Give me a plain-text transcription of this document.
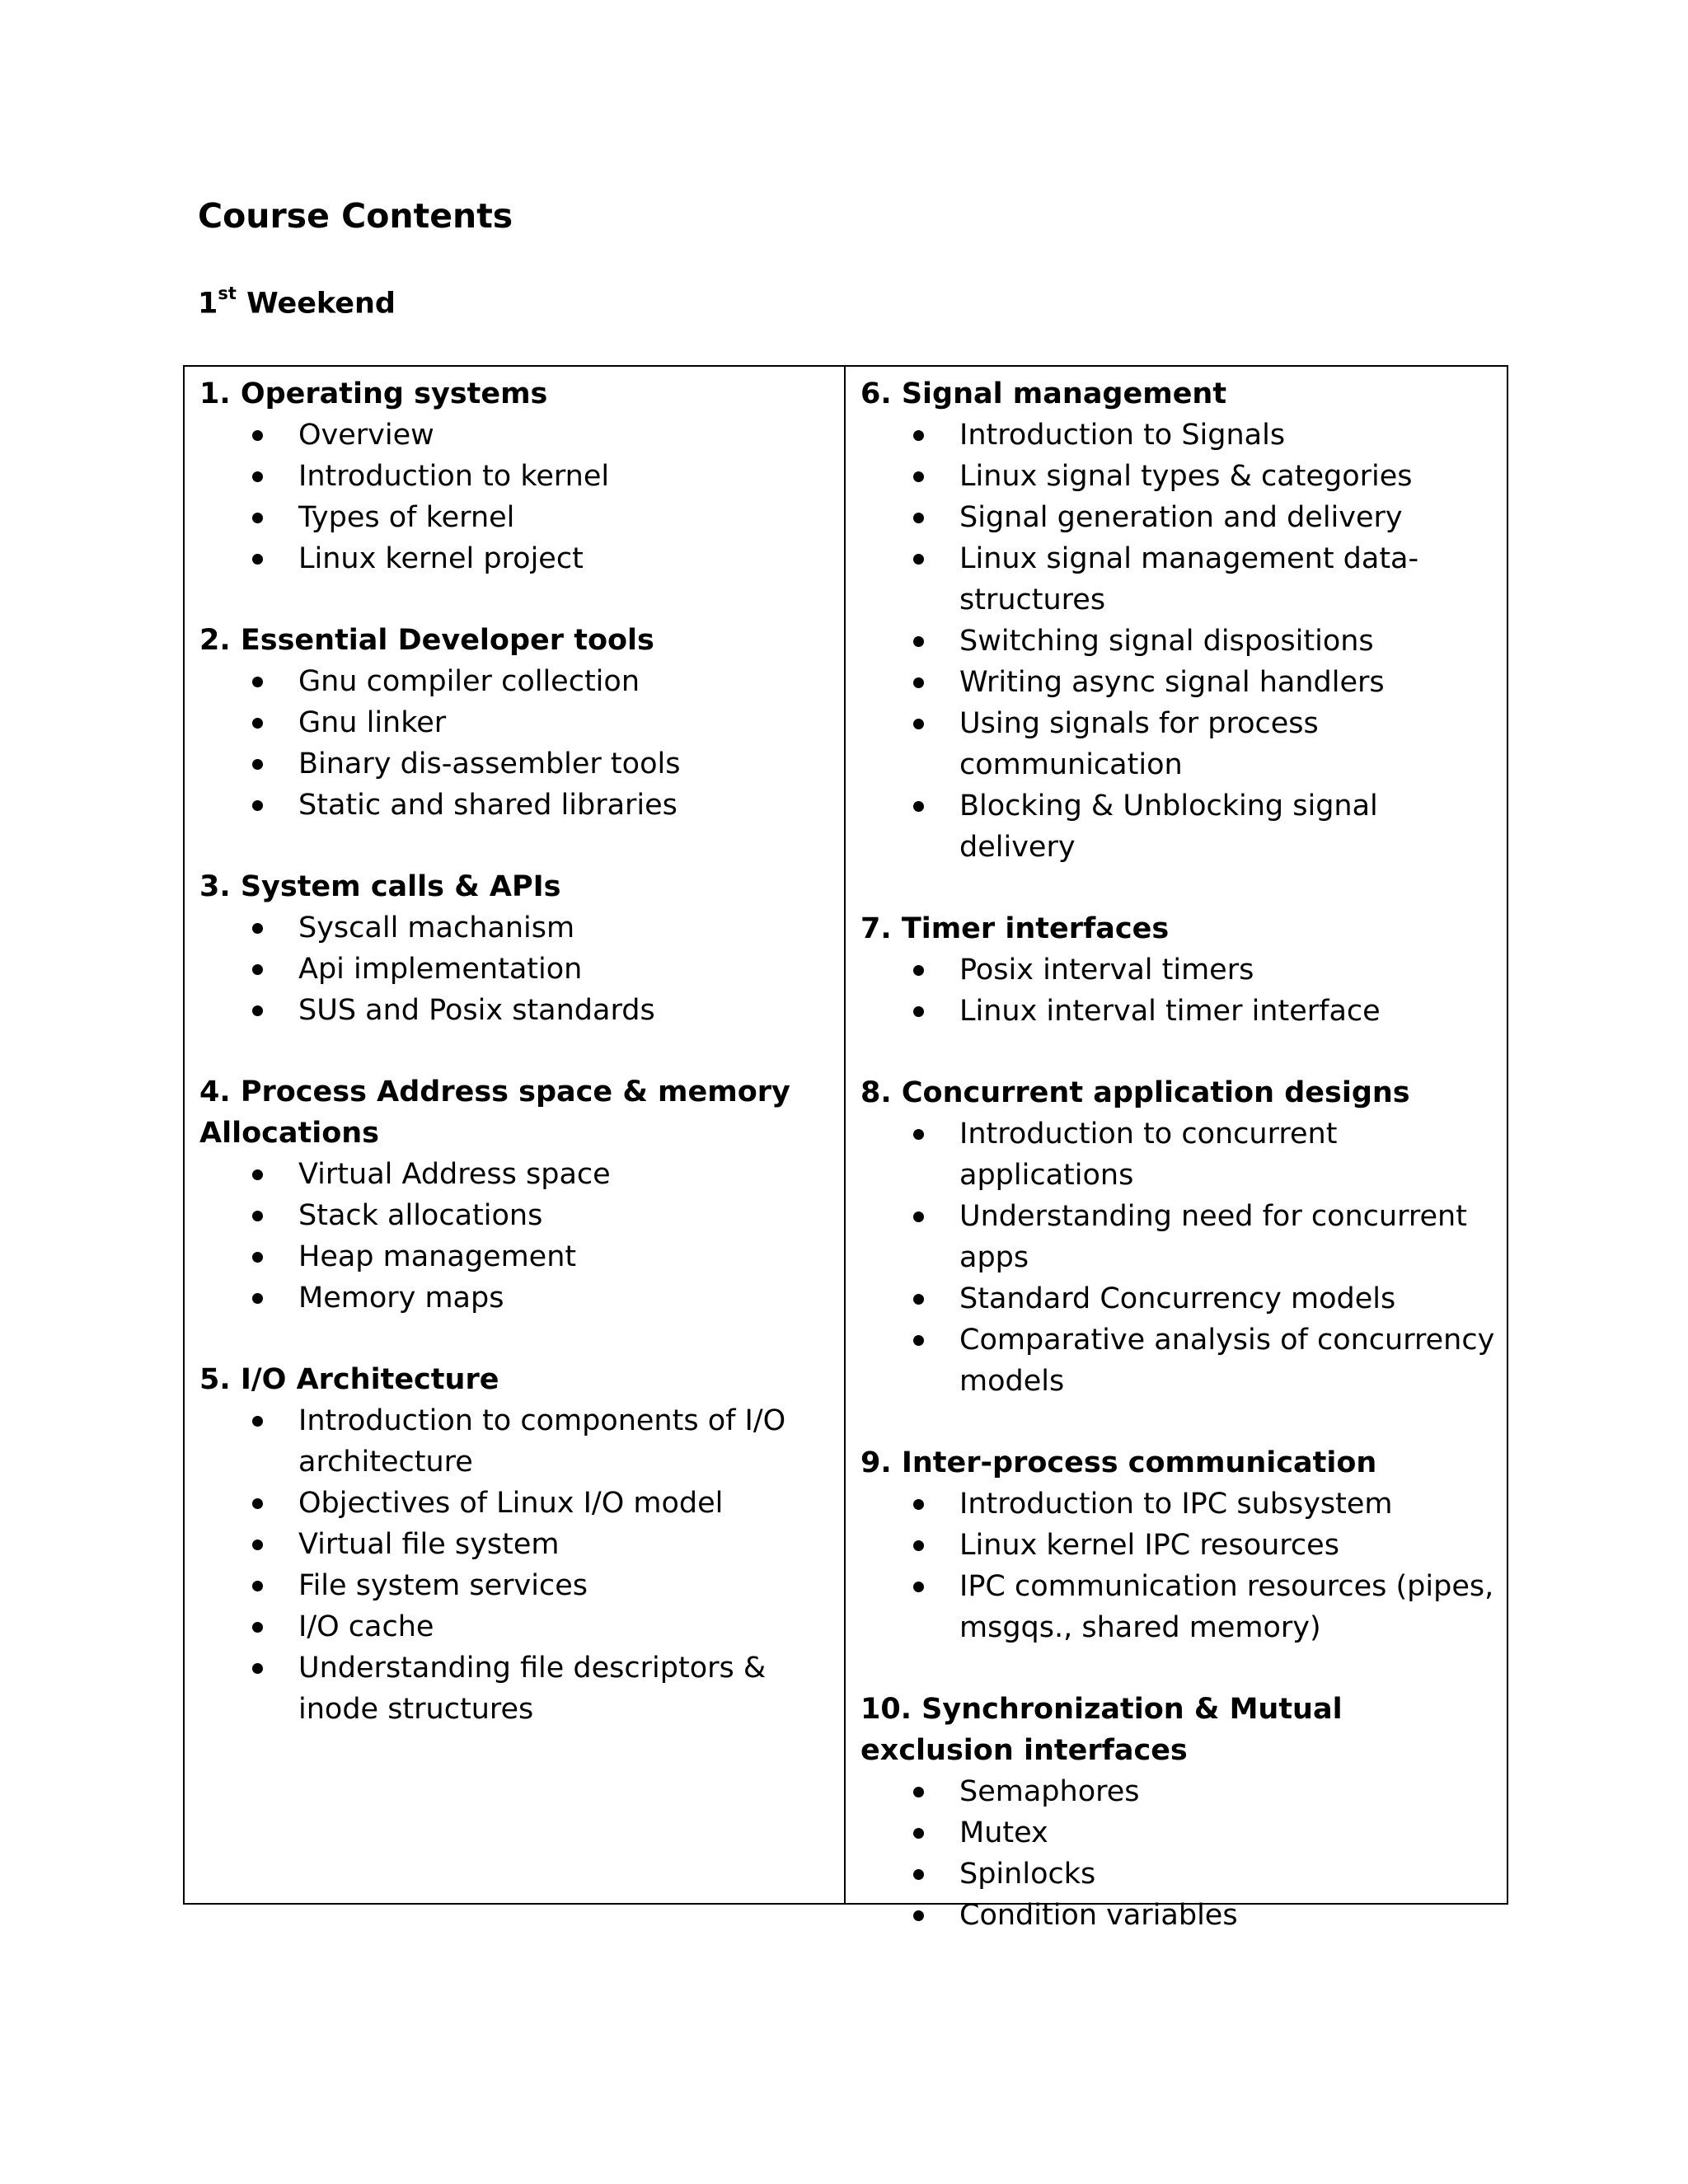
Course Contents
1st Weekend
1. Operating systems
Overview
Introduction to kernel
Types of kernel
Linux kernel project
2. Essential Developer tools
Gnu compiler collection
Gnu linker
Binary dis-assembler tools
Static and shared libraries
3. System calls & APIs
Syscall machanism
Api implementation
SUS and Posix standards
4. Process Address space & memory Allocations
Virtual Address space
Stack allocations
Heap management
Memory maps
5. I/O Architecture
Introduction to components of I/O architecture
Objectives of Linux I/O model
Virtual file system
File system services
I/O cache
Understanding file descriptors & inode structures
6. Signal management
Introduction to Signals
Linux signal types & categories
Signal generation and delivery
Linux signal management data-structures
Switching signal dispositions
Writing async signal handlers
Using signals for process communication
Blocking & Unblocking signal delivery
7. Timer interfaces
Posix interval timers
Linux interval timer interface
8. Concurrent application designs
Introduction to concurrent applications
Understanding need for concurrent apps
Standard Concurrency models
Comparative analysis of concurrency models
9. Inter-process communication
Introduction to IPC subsystem
Linux kernel IPC resources
IPC communication resources (pipes, msgqs., shared memory)
10. Synchronization & Mutual exclusion interfaces
Semaphores
Mutex
Spinlocks
Condition variables
